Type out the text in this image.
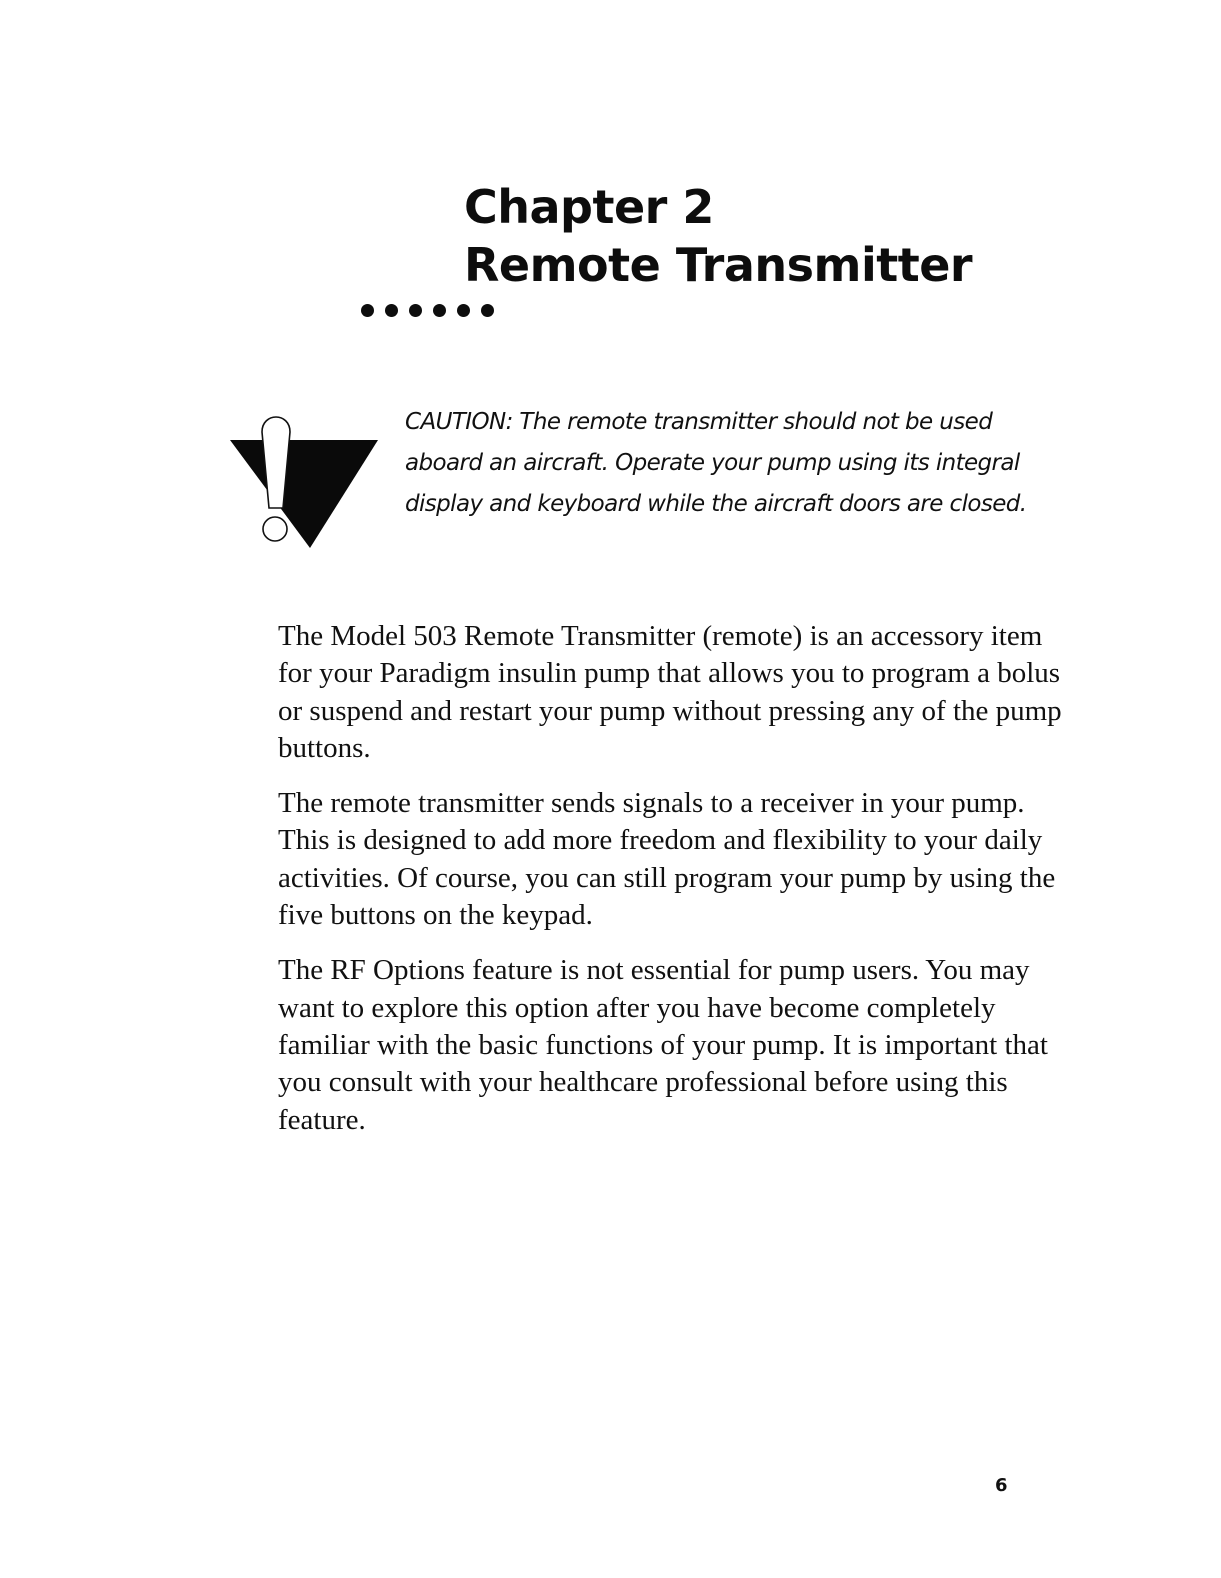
Chapter 2
Remote Transmitter

CAUTION: The remote transmitter should not be used aboard an aircraft. Operate your pump using its integral display and keyboard while the aircraft doors are closed.

The Model 503 Remote Transmitter (remote) is an accessory item for your Paradigm insulin pump that allows you to program a bolus or suspend and restart your pump without pressing any of the pump buttons.

The remote transmitter sends signals to a receiver in your pump. This is designed to add more freedom and flexibility to your daily activities. Of course, you can still program your pump by using the five buttons on the keypad.

The RF Options feature is not essential for pump users. You may want to explore this option after you have become completely familiar with the basic functions of your pump. It is important that you consult with your healthcare professional before using this feature.

6
